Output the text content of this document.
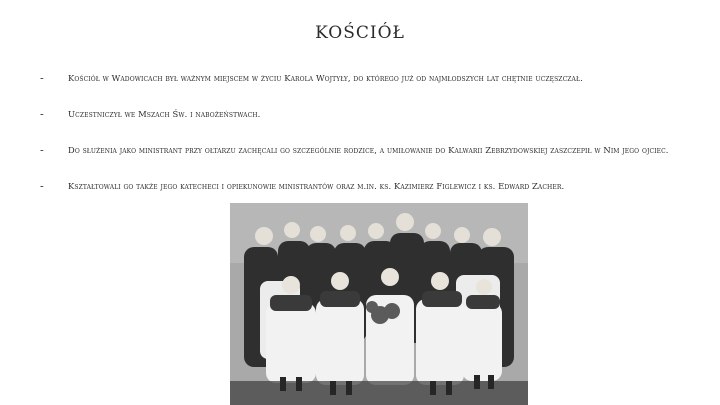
kościół
-	Kościół w Wadowicach był ważnym miejscem w życiu Karola Wojtyły, do którego już od najmłodszych lat chętnie uczęszczał.
-	Uczestniczył we Mszach Św. i nabożeństwach.
-	Do służenia jako ministrant przy ołtarzu zachęcali go szczególnie rodzice, a umiłowanie do Kalwarii Zebrzydowskiej zaszczepił w Nim jego ojciec.
-	Kształtowali go także jego katecheci i opiekunowie ministrantów oraz m.in. ks. Kazimierz Figlewicz i ks. Edward Zacher.
